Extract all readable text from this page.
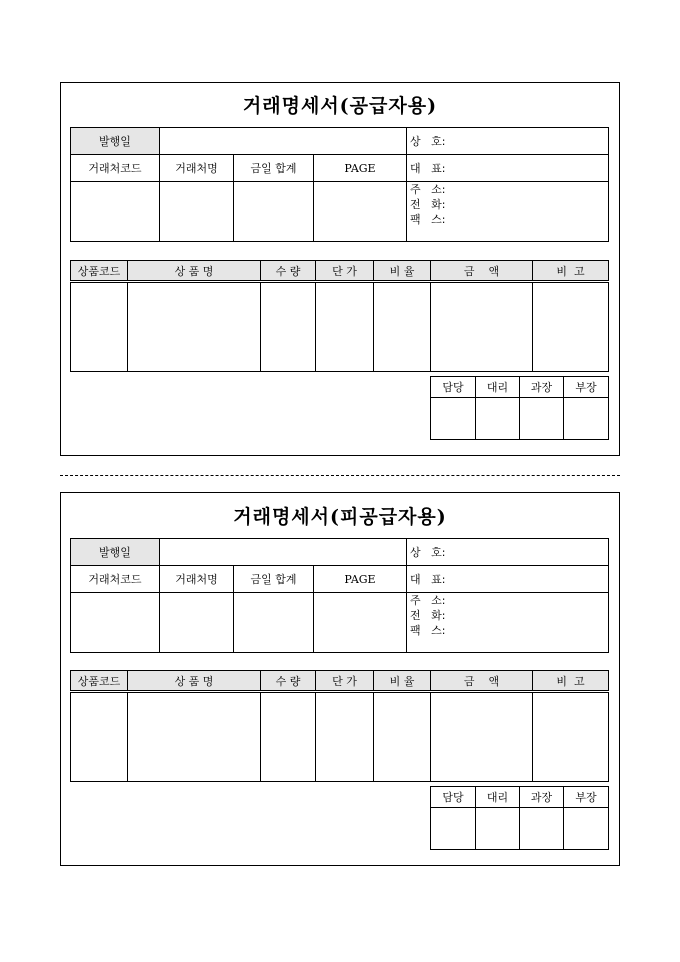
거래명세서(공급자용)
발행일				상   호:
거래처코드	거래처명	금일 합계	PAGE	대   표:

				주   소:
전   화:
팩   스:
상품코드	상 품 명	수 량	단 가	비 율	금    액	비  고

담당	대리	과장	부장

거래명세서(피공급자용)
발행일				상   호:
거래처코드	거래처명	금일 합계	PAGE	대   표:

				주   소:
전   화:
팩   스:
상품코드	상 품 명	수 량	단 가	비 율	금    액	비  고

담당	대리	과장	부장
